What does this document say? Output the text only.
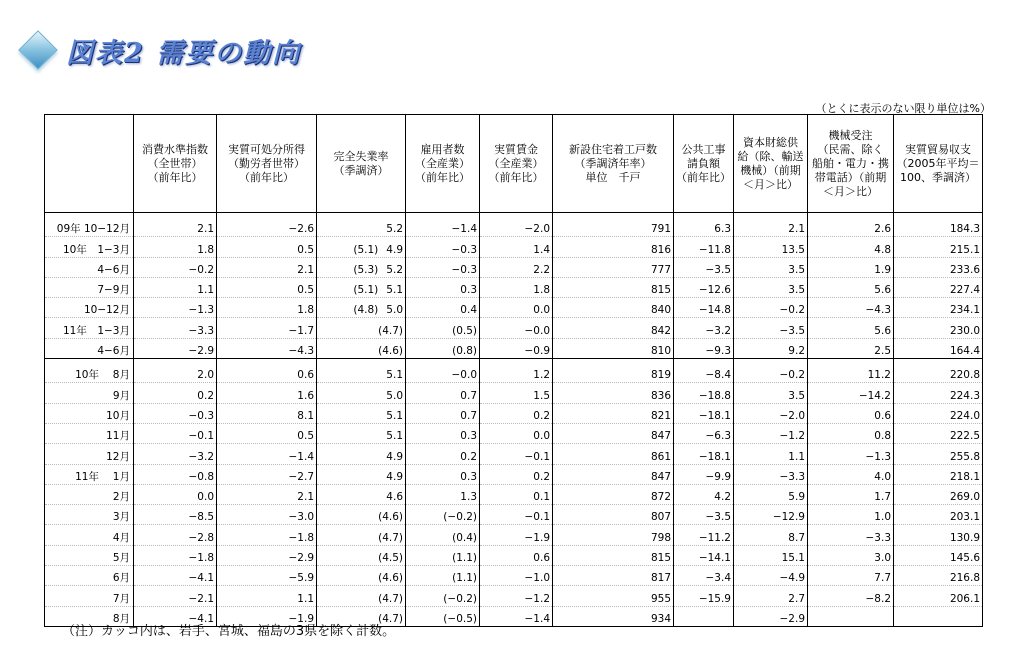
図表2 需要の動向
（とくに表示のない限り単位は%）
	消費水準指数
（全世帯）
（前年比）	実質可処分所得
（勤労者世帯）
（前年比）	完全失業率
（季調済）	雇用者数
（全産業）
（前年比）	実質賃金
（全産業）
（前年比）	新設住宅着工戸数
（季調済年率）
単位　千戸	公共工事
請負額
（前年比）	資本財総供
給（除、輸送
機械）（前期
＜月＞比）	機械受注
（民需、除く
船舶・電力・携
帯電話）（前期
＜月＞比）	実質貿易収支
（2005年平均＝
100、季調済）
09年 10−12月	2.1	−2.6	5.2	−1.4	−2.0	791	6.3	2.1	2.6	184.3
10年　1−3月	1.8	0.5	(5.1) 4.9	−0.3	1.4	816	−11.8	13.5	4.8	215.1
4−6月	−0.2	2.1	(5.3) 5.2	−0.3	2.2	777	−3.5	3.5	1.9	233.6
7−9月	1.1	0.5	(5.1) 5.1	0.3	1.8	815	−12.6	3.5	5.6	227.4
10−12月	−1.3	1.8	(4.8) 5.0	0.4	0.0	840	−14.8	−0.2	−4.3	234.1
11年　1−3月	−3.3	−1.7	(4.7)	(0.5)	−0.0	842	−3.2	−3.5	5.6	230.0
4−6月	−2.9	−4.3	(4.6)	(0.8)	−0.9	810	−9.3	9.2	2.5	164.4
10年　 8月	2.0	0.6	5.1	−0.0	1.2	819	−8.4	−0.2	11.2	220.8
9月	0.2	1.6	5.0	0.7	1.5	836	−18.8	3.5	−14.2	224.3
10月	−0.3	8.1	5.1	0.7	0.2	821	−18.1	−2.0	0.6	224.0
11月	−0.1	0.5	5.1	0.3	0.0	847	−6.3	−1.2	0.8	222.5
12月	−3.2	−1.4	4.9	0.2	−0.1	861	−18.1	1.1	−1.3	255.8
11年　 1月	−0.8	−2.7	4.9	0.3	0.2	847	−9.9	−3.3	4.0	218.1
2月	0.0	2.1	4.6	1.3	0.1	872	4.2	5.9	1.7	269.0
3月	−8.5	−3.0	(4.6)	(−0.2)	−0.1	807	−3.5	−12.9	1.0	203.1
4月	−2.8	−1.8	(4.7)	(0.4)	−1.9	798	−11.2	8.7	−3.3	130.9
5月	−1.8	−2.9	(4.5)	(1.1)	0.6	815	−14.1	15.1	3.0	145.6
6月	−4.1	−5.9	(4.6)	(1.1)	−1.0	817	−3.4	−4.9	7.7	216.8
7月	−2.1	1.1	(4.7)	(−0.2)	−1.2	955	−15.9	2.7	−8.2	206.1
8月	−4.1	−1.9	(4.7)	(−0.5)	−1.4	934		−2.9		
（注）カッコ内は、岩手、宮城、福島の3県を除く計数。
